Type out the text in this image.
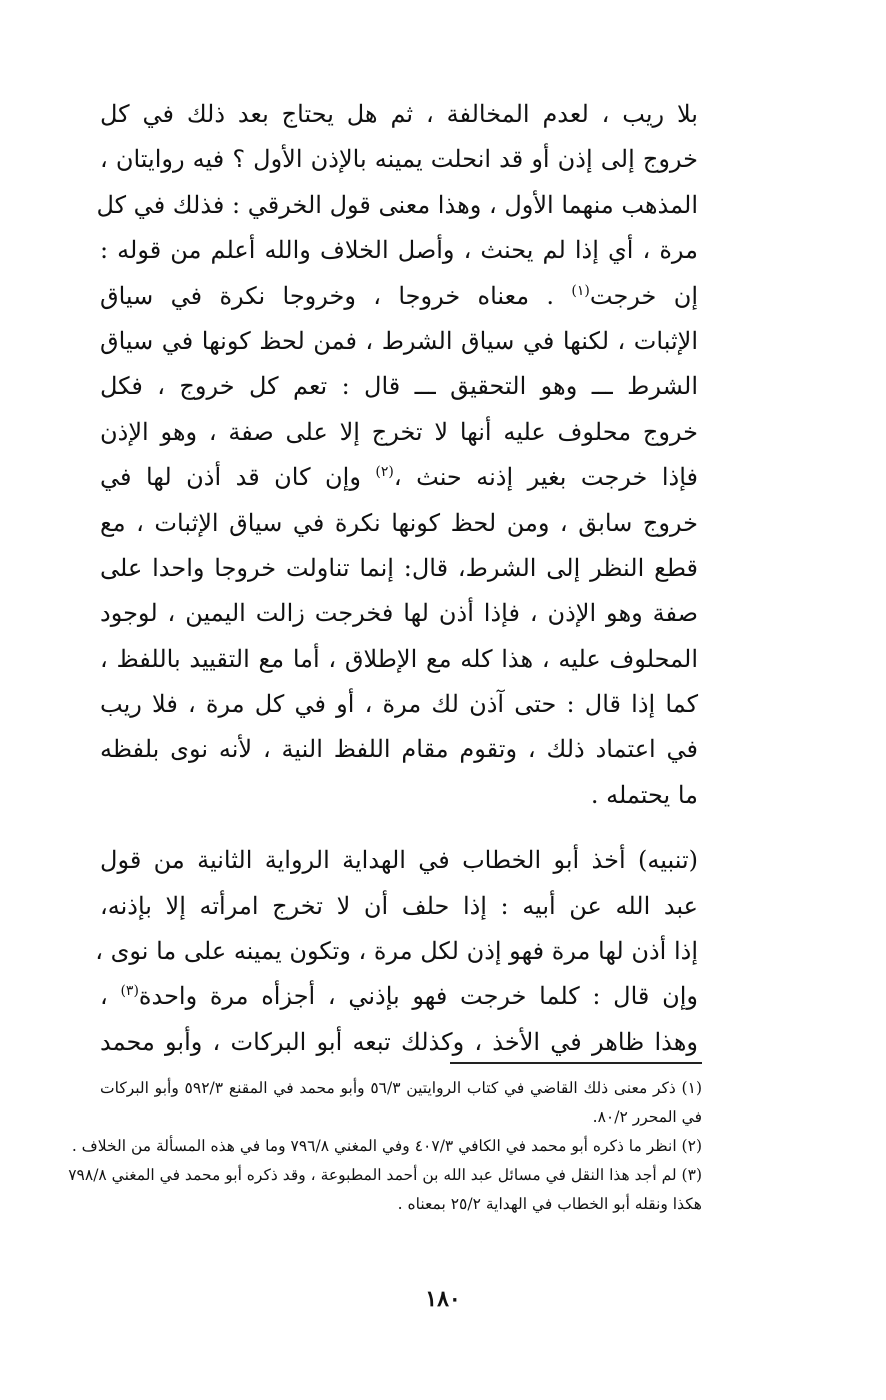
بلا ريب ، لعدم المخالفة ، ثم هل يحتاج بعد ذلك في كل
خروج إلى إذن أو قد انحلت يمينه بالإذن الأول ؟ فيه روايتان ،
المذهب منهما الأول ، وهذا معنى قول الخرقي : فذلك في كل
مرة ، أي إذا لم يحنث ، وأصل الخلاف والله أعلم من قوله :
إن خرجت$^{(١)}$ . معناه خروجا ، وخروجا نكرة في سياق
الإثبات ، لكنها في سياق الشرط ، فمن لحظ كونها في سياق
الشرط ـــ وهو التحقيق ـــ قال : تعم كل خروج ، فكل
خروج محلوف عليه أنها لا تخرج إلا على صفة ، وهو الإذن
فإذا خرجت بغير إذنه حنث ،$^{(٢)}$ وإن كان قد أذن لها في
خروج سابق ، ومن لحظ كونها نكرة في سياق الإثبات ، مع
قطع النظر إلى الشرط، قال: إنما تناولت خروجا واحدا على
صفة وهو الإذن ، فإذا أذن لها فخرجت زالت اليمين ، لوجود
المحلوف عليه ، هذا كله مع الإطلاق ، أما مع التقييد باللفظ ،
كما إذا قال : حتى آذن لك مرة ، أو في كل مرة ، فلا ريب
في اعتماد ذلك ، وتقوم مقام اللفظ النية ، لأنه نوى بلفظه
ما يحتمله .
(تنبيه) أخذ أبو الخطاب في الهداية الرواية الثانية من قول
عبد الله عن أبيه : إذا حلف أن لا تخرج امرأته إلا بإذنه،
إذا أذن لها مرة فهو إذن لكل مرة ، وتكون يمينه على ما نوى ،
وإن قال : كلما خرجت فهو بإذني ، أجزأه مرة واحدة$^{(٣)}$ ،
وهذا ظاهر في الأخذ ، وكذلك تبعه أبو البركات ، وأبو محمد
(١) ذكر معنى ذلك القاضي في كتاب الروايتين ٥٦/٣ وأبو محمد في المقنع ٥٩٢/٣ وأبو البركات
في المحرر ٨٠/٢.
(٢) انظر ما ذكره أبو محمد في الكافي ٤٠٧/٣ وفي المغني ٧٩٦/٨ وما في هذه المسألة من الخلاف .
(٣) لم أجد هذا النقل في مسائل عبد الله بن أحمد المطبوعة ، وقد ذكره أبو محمد في المغني ٧٩٨/٨
هكذا ونقله أبو الخطاب في الهداية ٢٥/٢ بمعناه .
١٨٠
